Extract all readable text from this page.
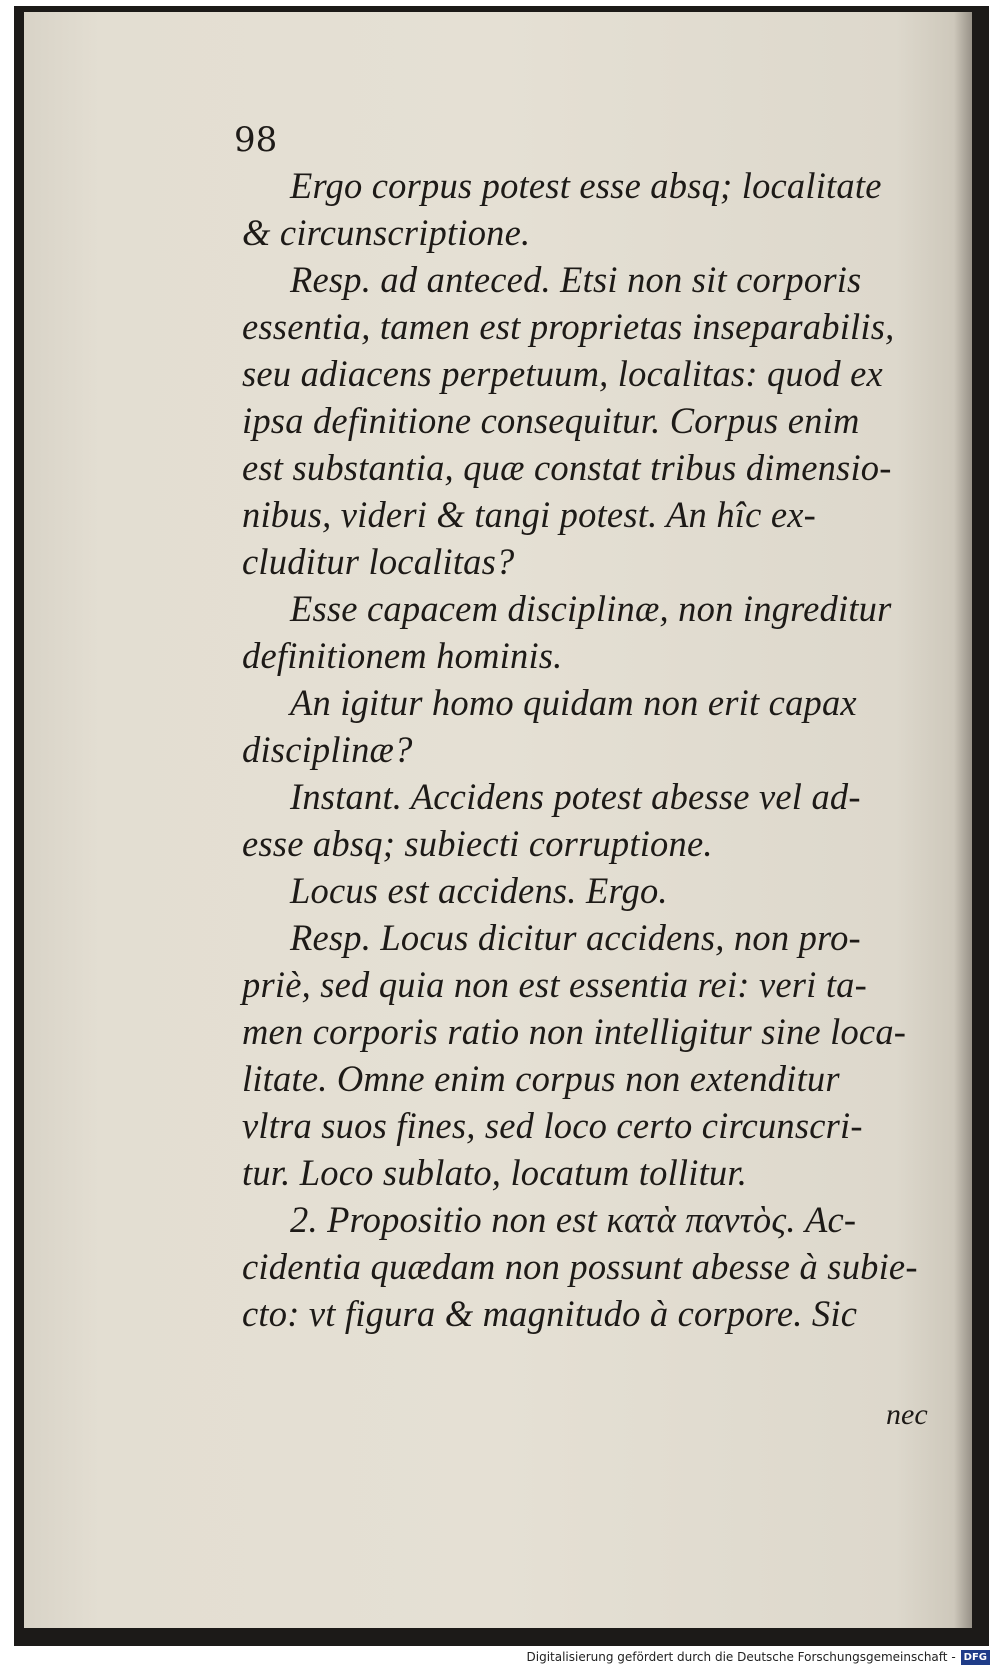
98

Ergo corpus potest esse absq; localitate
& circunscriptione.
Resp. ad anteced. Etsi non sit corporis
essentia, tamen est proprietas inseparabilis,
seu adiacens perpetuum, localitas: quod ex
ipsa definitione consequitur. Corpus enim
est substantia, quæ constat tribus dimensio-
nibus, videri & tangi potest. An hîc ex-
cluditur localitas?
Esse capacem disciplinæ, non ingreditur
definitionem hominis.
An igitur homo quidam non erit capax
disciplinæ?
Instant. Accidens potest abesse vel ad-
esse absq; subiecti corruptione.
Locus est accidens. Ergo.
Resp. Locus dicitur accidens, non pro-
priè, sed quia non est essentia rei: veri ta-
men corporis ratio non intelligitur sine loca-
litate. Omne enim corpus non extenditur
vltra suos fines, sed loco certo circunscri-
tur. Loco sublato, locatum tollitur.
2. Propositio non est κατὰ παντὸς. Ac-
cidentia quædam non possunt abesse à subie-
cto: vt figura & magnitudo à corpore. Sic

nec

Digitalisierung gefördert durch die Deutsche Forschungsgemeinschaft - DFG
